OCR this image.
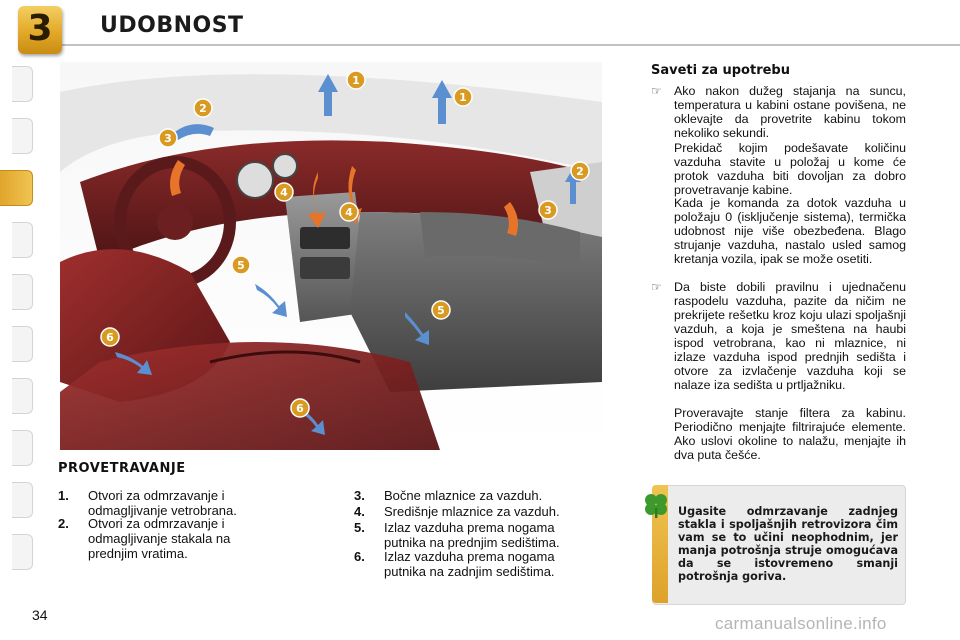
3	UDOBNOST
1
1
2
2
3
3
4
4
5
5
6
6
PROVETRAVANJE
1. Otvori za odmrzavanje i odmagljivanje vetrobrana.
2. Otvori za odmrzavanje i odmagljivanje stakala na prednjim vratima.
3. Bočne mlaznice za vazduh.
4. Središnje mlaznice za vazduh.
5. Izlaz vazduha prema nogama putnika na prednjim sedištima.
6. Izlaz vazduha prema nogama putnika na zadnjim sedištima.
Saveti za upotrebu
☞ Ako nakon dužeg stajanja na suncu, temperatura u kabini ostane povišena, ne oklevajte da provetrite kabinu tokom nekoliko sekundi.
Prekidač kojim podešavate količinu vazduha stavite u položaj u kome će protok vazduha biti dovoljan za dobro provetravanje kabine.
Kada je komanda za dotok vazduha u položaju 0 (isključenje sistema), termička udobnost nije više obezbeđena. Blago strujanje vazduha, nastalo usled samog kretanja vozila, ipak se može osetiti.
☞ Da biste dobili pravilnu i ujednačenu raspodelu vazduha, pazite da ničim ne prekrijete rešetku kroz koju ulazi spoljašnji vazduh, a koja je smeštena na haubi ispod vetrobrana, kao ni mlaznice, ni izlaze vazduha ispod prednjih sedišta i otvore za izvlačenje vazduha koji se nalaze iza sedišta u prtljažniku.
Proveravajte stanje filtera za kabinu. Periodično menjajte filtrirajuće elemente. Ako uslovi okoline to nalažu, menjajte ih dva puta češće.
Ugasite odmrzavanje zadnjeg stakla i spoljašnjih retrovizora čim vam se to učini neophodnim, jer manja potrošnja struje omogućava da se istovremeno smanji potrošnja goriva.
34	carmanualsonline.info
